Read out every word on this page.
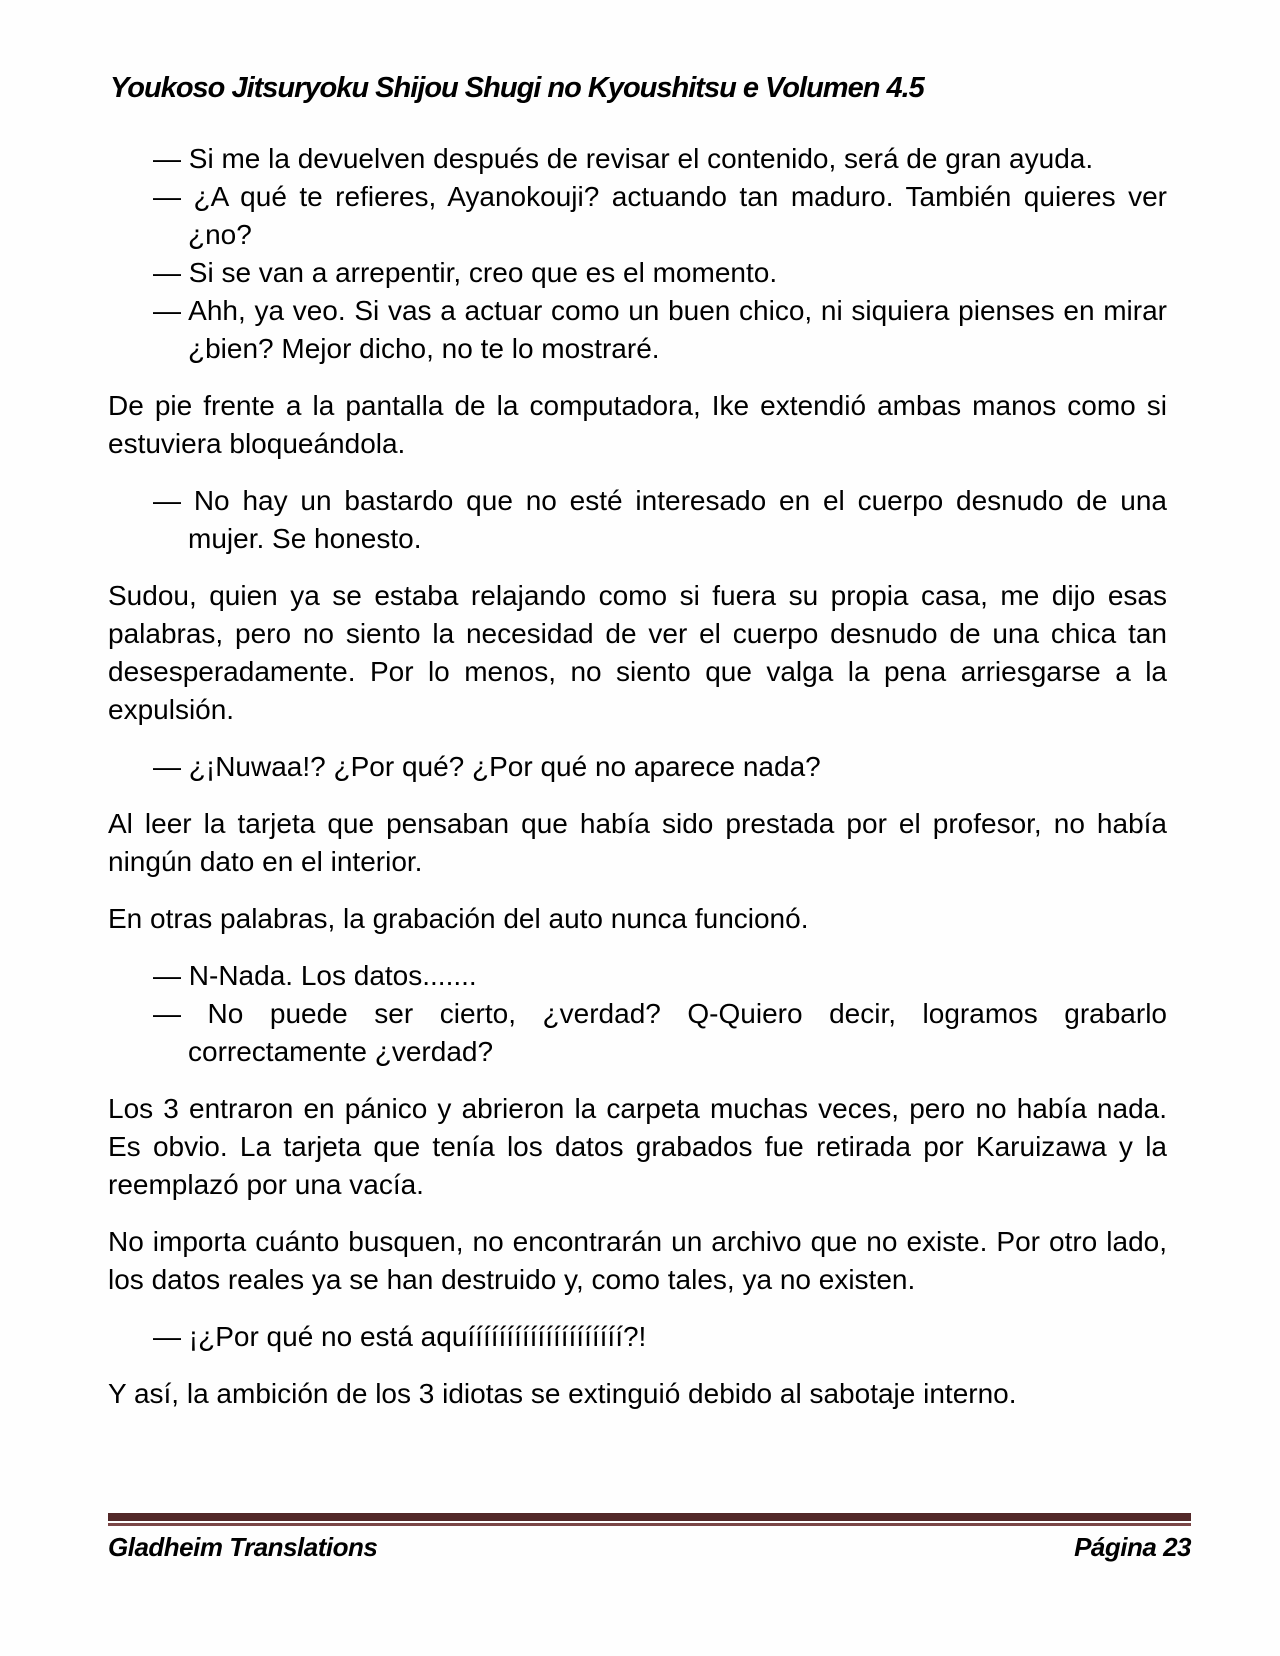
Youkoso Jitsuryoku Shijou Shugi no Kyoushitsu e Volumen 4.5

— Si me la devuelven después de revisar el contenido, será de gran ayuda.

— ¿A qué te refieres, Ayanokouji? actuando tan maduro. También quieres ver ¿no?

— Si se van a arrepentir, creo que es el momento.

— Ahh, ya veo. Si vas a actuar como un buen chico, ni siquiera pienses en mirar ¿bien? Mejor dicho, no te lo mostraré.

De pie frente a la pantalla de la computadora, Ike extendió ambas manos como si estuviera bloqueándola.

— No hay un bastardo que no esté interesado en el cuerpo desnudo de una mujer. Se honesto.

Sudou, quien ya se estaba relajando como si fuera su propia casa, me dijo esas palabras, pero no siento la necesidad de ver el cuerpo desnudo de una chica tan desesperadamente. Por lo menos, no siento que valga la pena arriesgarse a la expulsión.

— ¿¡Nuwaa!? ¿Por qué? ¿Por qué no aparece nada?

Al leer la tarjeta que pensaban que había sido prestada por el profesor, no había ningún dato en el interior.

En otras palabras, la grabación del auto nunca funcionó.

— N-Nada. Los datos.......

— No puede ser cierto, ¿verdad? Q-Quiero decir, logramos grabarlo correctamente ¿verdad?

Los 3 entraron en pánico y abrieron la carpeta muchas veces, pero no había nada. Es obvio. La tarjeta que tenía los datos grabados fue retirada por Karuizawa y la reemplazó por una vacía.

No importa cuánto busquen, no encontrarán un archivo que no existe. Por otro lado, los datos reales ya se han destruido y, como tales, ya no existen.

— ¡¿Por qué no está aquíííííííííííííííííííí?!

Y así, la ambición de los 3 idiotas se extinguió debido al sabotaje interno.

Gladheim Translations	Página 23
